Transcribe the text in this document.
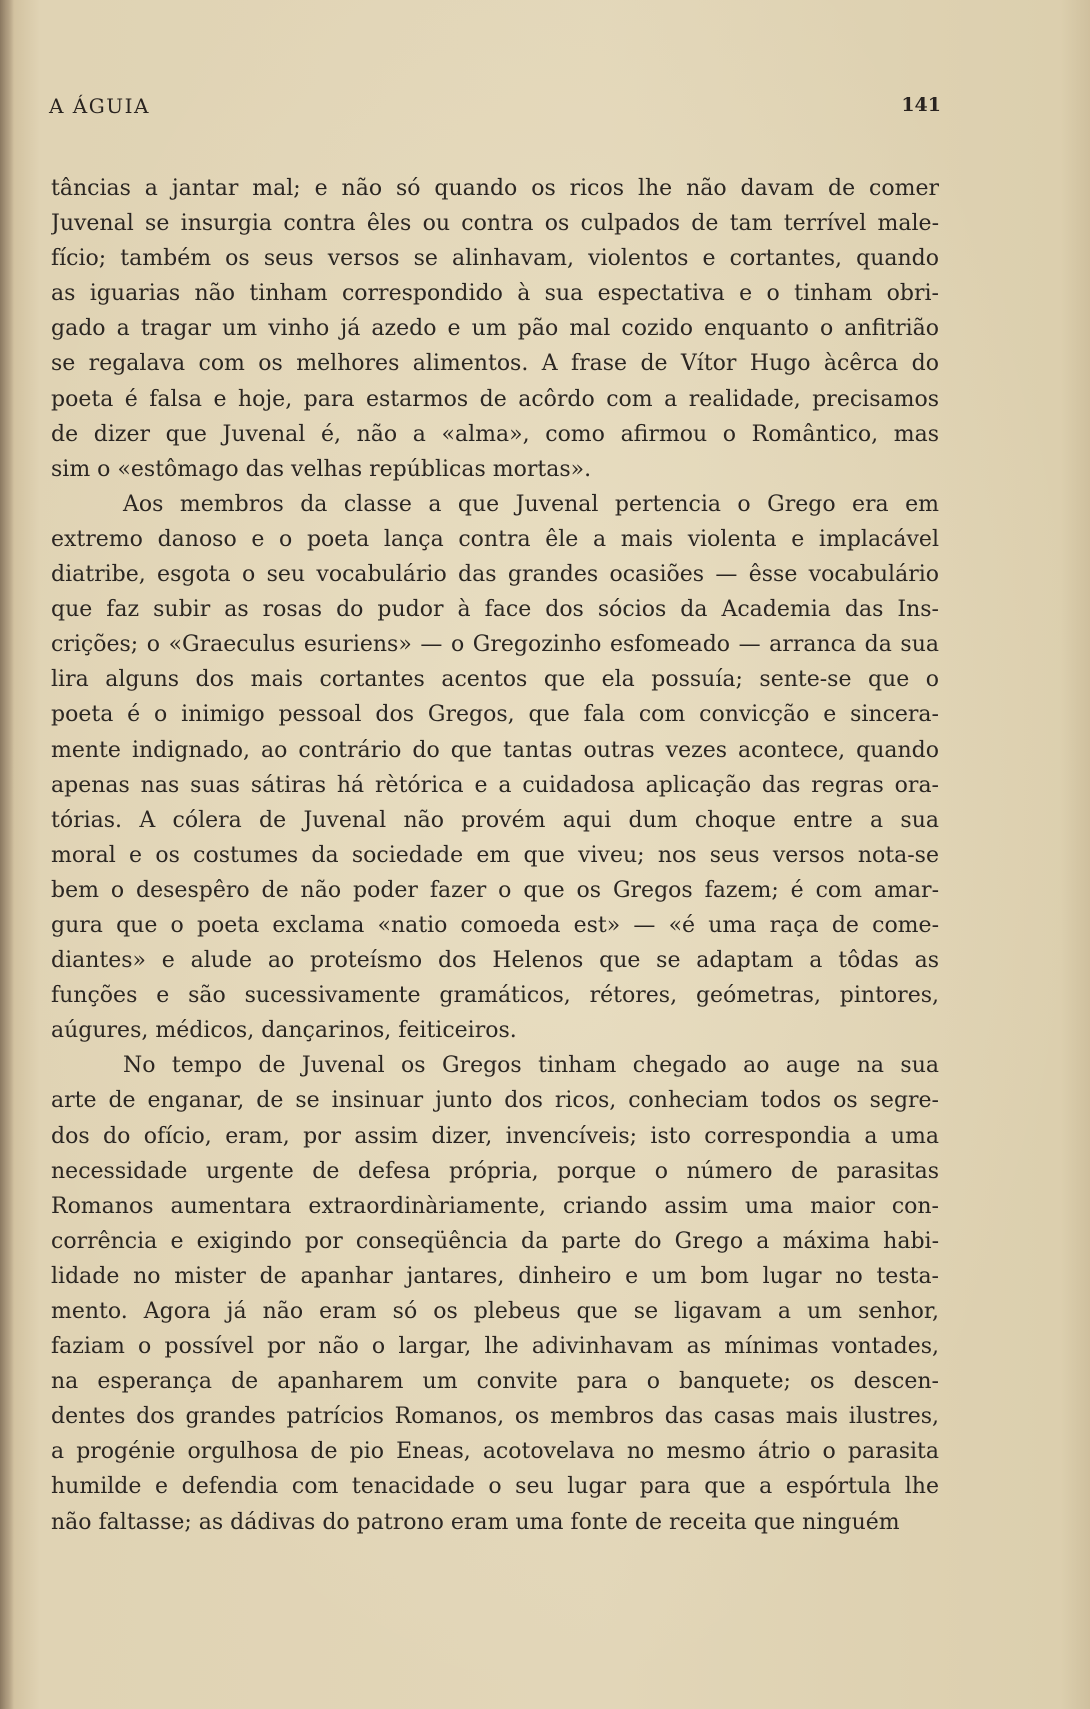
A ÁGUIA	141
tâncias a jantar mal; e não só quando os ricos lhe não davam de comer
Juvenal se insurgia contra êles ou contra os culpados de tam terrível male-
fício; também os seus versos se alinhavam, violentos e cortantes, quando
as iguarias não tinham correspondido à sua espectativa e o tinham obri-
gado a tragar um vinho já azedo e um pão mal cozido enquanto o anfitrião
se regalava com os melhores alimentos. A frase de Vítor Hugo àcêrca do
poeta é falsa e hoje, para estarmos de acôrdo com a realidade, precisamos
de dizer que Juvenal é, não a «alma», como afirmou o Romântico, mas
sim o «estômago das velhas repúblicas mortas».
Aos membros da classe a que Juvenal pertencia o Grego era em
extremo danoso e o poeta lança contra êle a mais violenta e implacável
diatribe, esgota o seu vocabulário das grandes ocasiões — êsse vocabulário
que faz subir as rosas do pudor à face dos sócios da Academia das Ins-
crições; o «Graeculus esuriens» — o Gregozinho esfomeado — arranca da sua
lira alguns dos mais cortantes acentos que ela possuía; sente-se que o
poeta é o inimigo pessoal dos Gregos, que fala com convicção e sincera-
mente indignado, ao contrário do que tantas outras vezes acontece, quando
apenas nas suas sátiras há rètórica e a cuidadosa aplicação das regras ora-
tórias. A cólera de Juvenal não provém aqui dum choque entre a sua
moral e os costumes da sociedade em que viveu; nos seus versos nota-se
bem o desespêro de não poder fazer o que os Gregos fazem; é com amar-
gura que o poeta exclama «natio comoeda est» — «é uma raça de come-
diantes» e alude ao proteísmo dos Helenos que se adaptam a tôdas as
funções e são sucessivamente gramáticos, rétores, geómetras, pintores,
aúgures, médicos, dançarinos, feiticeiros.
No tempo de Juvenal os Gregos tinham chegado ao auge na sua
arte de enganar, de se insinuar junto dos ricos, conheciam todos os segre-
dos do ofício, eram, por assim dizer, invencíveis; isto correspondia a uma
necessidade urgente de defesa própria, porque o número de parasitas
Romanos aumentara extraordinàriamente, criando assim uma maior con-
corrência e exigindo por conseqüência da parte do Grego a máxima habi-
lidade no mister de apanhar jantares, dinheiro e um bom lugar no testa-
mento. Agora já não eram só os plebeus que se ligavam a um senhor,
faziam o possível por não o largar, lhe adivinhavam as mínimas vontades,
na esperança de apanharem um convite para o banquete; os descen-
dentes dos grandes patrícios Romanos, os membros das casas mais ilustres,
a progénie orgulhosa de pio Eneas, acotovelava no mesmo átrio o parasita
humilde e defendia com tenacidade o seu lugar para que a espórtula lhe
não faltasse; as dádivas do patrono eram uma fonte de receita que ninguém
